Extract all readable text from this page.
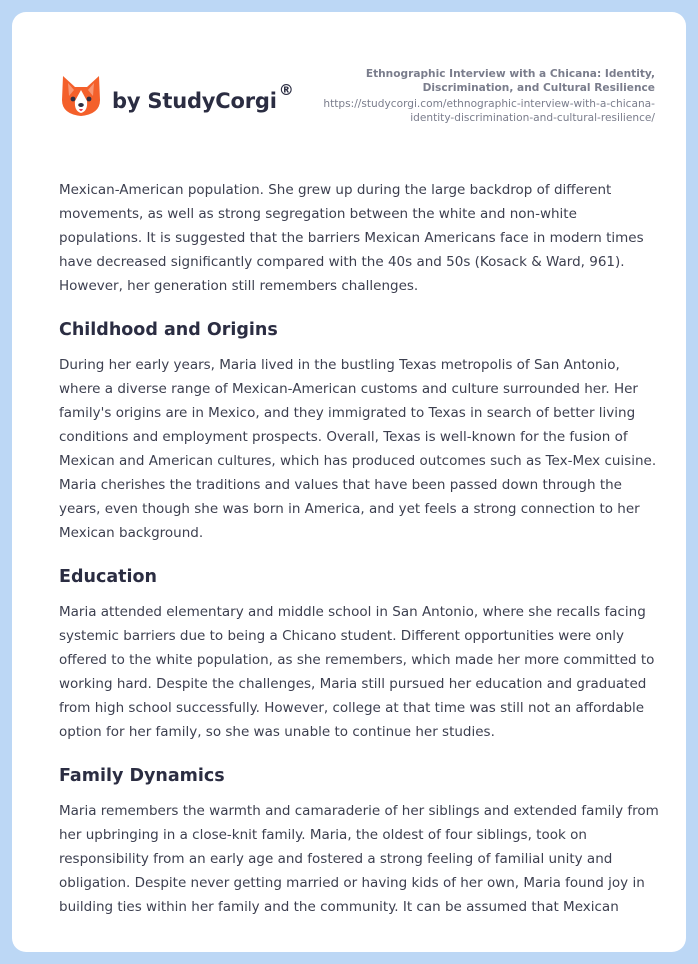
by StudyCorgi ®
Ethnographic Interview with a Chicana: Identity, Discrimination, and Cultural Resilience
https://studycorgi.com/ethnographic-interview-with-a-chicana-identity-discrimination-and-cultural-resilience/

Mexican-American population. She grew up during the large backdrop of different movements, as well as strong segregation between the white and non-white populations. It is suggested that the barriers Mexican Americans face in modern times have decreased significantly compared with the 40s and 50s (Kosack & Ward, 961). However, her generation still remembers challenges.

Childhood and Origins

During her early years, Maria lived in the bustling Texas metropolis of San Antonio, where a diverse range of Mexican-American customs and culture surrounded her. Her family's origins are in Mexico, and they immigrated to Texas in search of better living conditions and employment prospects. Overall, Texas is well-known for the fusion of Mexican and American cultures, which has produced outcomes such as Tex-Mex cuisine. Maria cherishes the traditions and values that have been passed down through the years, even though she was born in America, and yet feels a strong connection to her Mexican background.

Education

Maria attended elementary and middle school in San Antonio, where she recalls facing systemic barriers due to being a Chicano student. Different opportunities were only offered to the white population, as she remembers, which made her more committed to working hard. Despite the challenges, Maria still pursued her education and graduated from high school successfully. However, college at that time was still not an affordable option for her family, so she was unable to continue her studies.

Family Dynamics

Maria remembers the warmth and camaraderie of her siblings and extended family from her upbringing in a close-knit family. Maria, the oldest of four siblings, took on responsibility from an early age and fostered a strong feeling of familial unity and obligation. Despite never getting married or having kids of her own, Maria found joy in building ties within her family and the community. It can be assumed that Mexican
